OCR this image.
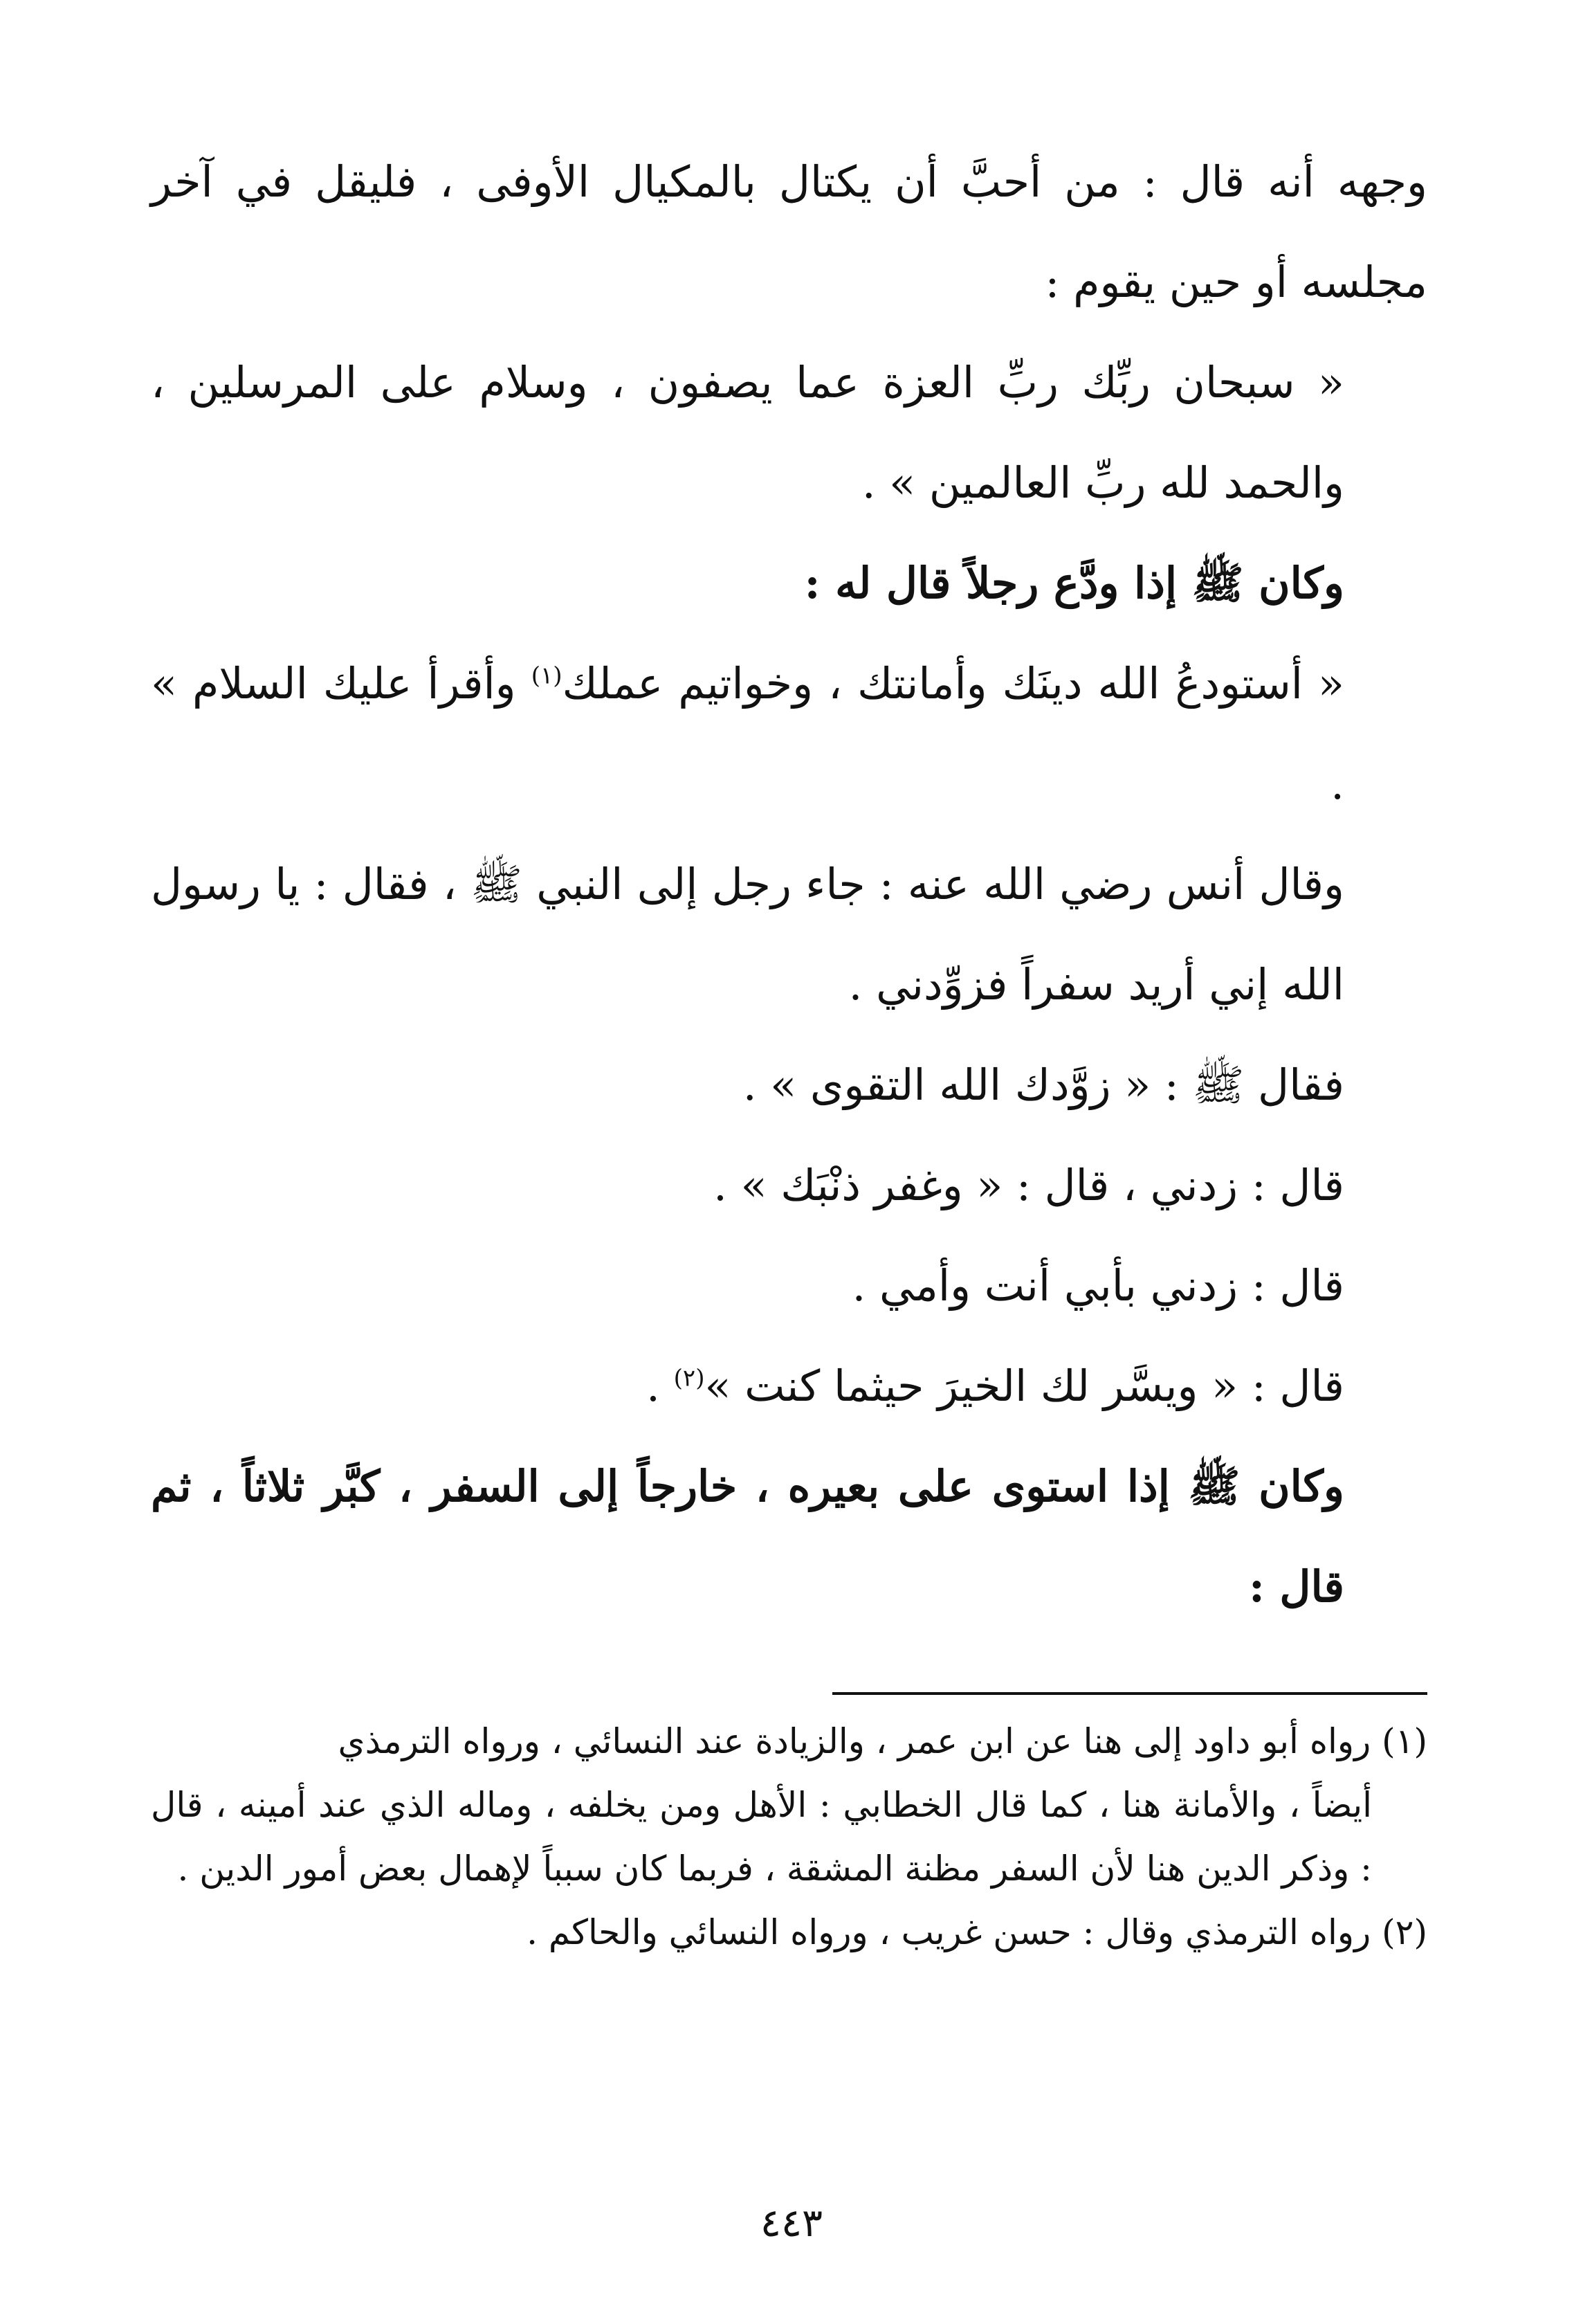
وجهه أنه قال : من أحبَّ أن يكتال بالمكيال الأوفى ، فليقل في آخر مجلسه أو حين يقوم :

« سبحان ربِّك ربِّ العزة عما يصفون ، وسلام على المرسلين ، والحمد لله ربِّ العالمين » .

وكان ﷺ إذا ودَّع رجلاً قال له :

« أستودعُ الله دينَك وأمانتك ، وخواتيم عملك$^{(١)}$ وأقرأ عليك السلام » .

وقال أنس رضي الله عنه : جاء رجل إلى النبي ﷺ ، فقال : يا رسول الله إني أريد سفراً فزوِّدني .

فقال ﷺ : « زوَّدك الله التقوى » .

قال : زدني ، قال : « وغفر ذنْبَك » .

قال : زدني بأبي أنت وأمي .

قال : « ويسَّر لك الخيرَ حيثما كنت »$^{(٢)}$ .

وكان ﷺ إذا استوى على بعيره ، خارجاً إلى السفر ، كبَّر ثلاثاً ، ثم قال :

(١) رواه أبو داود إلى هنا عن ابن عمر ، والزيادة عند النسائي ، ورواه الترمذي

أيضاً ، والأمانة هنا ، كما قال الخطابي : الأهل ومن يخلفه ، وماله الذي عند أمينه ، قال : وذكر الدين هنا لأن السفر مظنة المشقة ، فربما كان سبباً لإهمال بعض أمور الدين .

(٢) رواه الترمذي وقال : حسن غريب ، ورواه النسائي والحاكم .

٤٤٣
